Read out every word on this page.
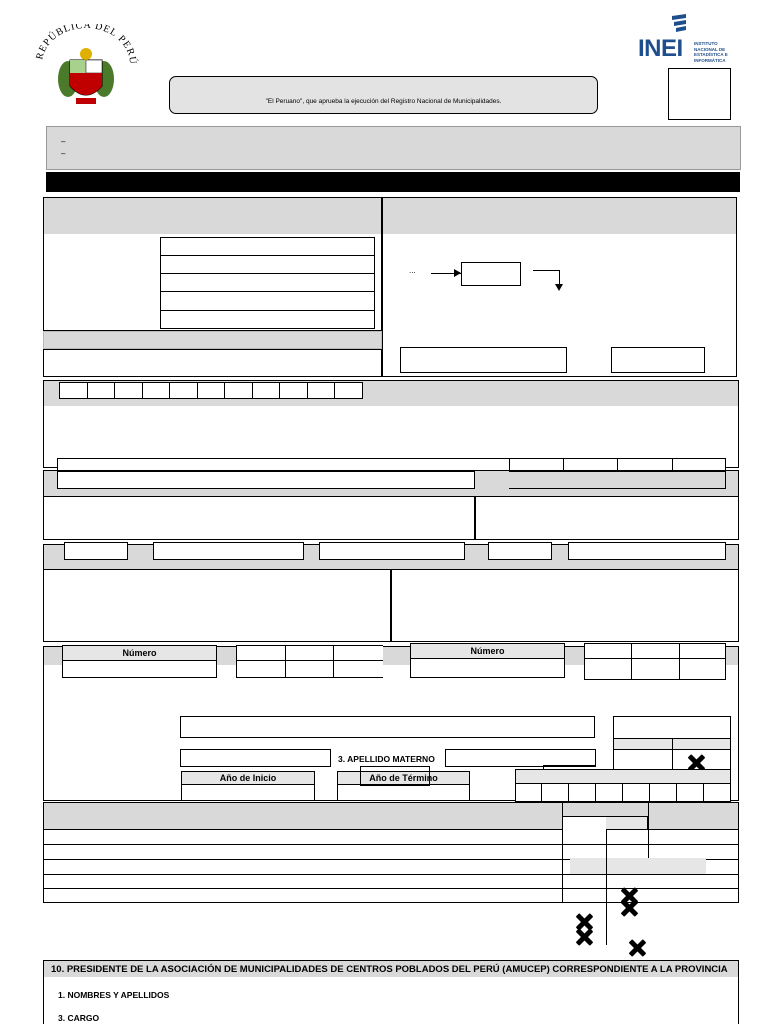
REPÚBLICA DEL PERÚ	INEI	INSTITUTO
NACIONAL DE
ESTADÍSTICA E
INFORMÁTICA
"El Peruano", que aprueba la ejecución del Registro Nacional de Municipalidades.
–
–
...
Número	Número
3. APELLIDO MATERNO
Año de Inicio	Año de Término
10. PRESIDENTE DE LA ASOCIACIÓN DE MUNICIPALIDADES DE CENTROS POBLADOS DEL PERÚ (AMUCEP) CORRESPONDIENTE A LA PROVINCIA
1. NOMBRES Y APELLIDOS
3. CARGO
